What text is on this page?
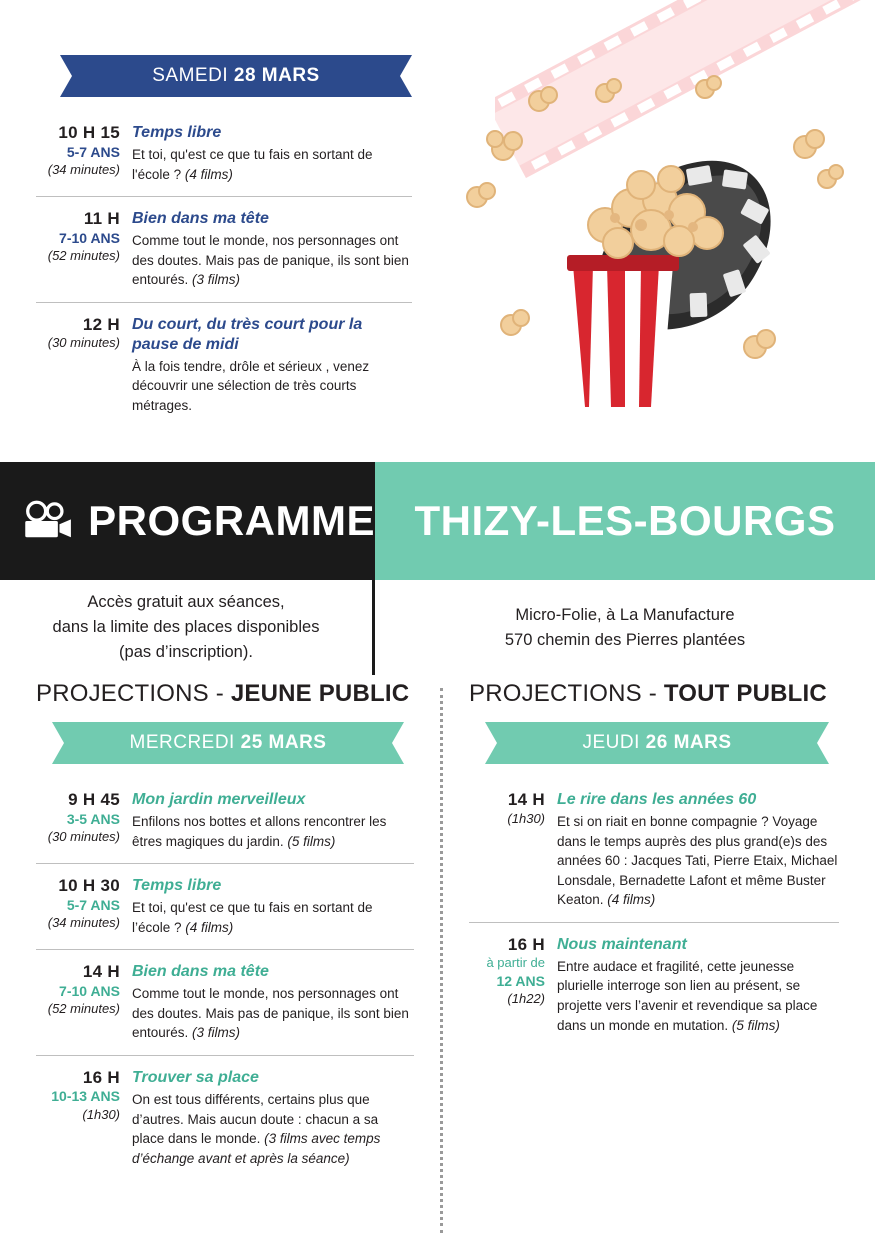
SAMEDI 28 MARS
10 H 15
5-7 ANS
(34 minutes)
Temps libre
Et toi, qu'est ce que tu fais en sortant de l'école ? (4 films)
11 H
7-10 ANS
(52 minutes)
Bien dans ma tête
Comme tout le monde, nos personnages ont des doutes. Mais pas de panique, ils sont bien entourés. (3 films)
12 H
(30 minutes)
Du court, du très court pour la pause de midi
À la fois tendre, drôle et sérieux , venez découvrir une sélection de très courts métrages.
PROGRAMME THIZY-LES-BOURGS
Accès gratuit aux séances,
dans la limite des places disponibles
(pas d’inscription).
Micro-Folie, à La Manufacture
570 chemin des Pierres plantées
PROJECTIONS - JEUNE PUBLIC
MERCREDI 25 MARS
9 H 45
3-5 ANS
(30 minutes)
Mon jardin merveilleux
Enfilons nos bottes et allons rencontrer les êtres magiques du jardin. (5 films)
10 H 30
5-7 ANS
(34 minutes)
Temps libre
Et toi, qu'est ce que tu fais en sortant de l’école ? (4 films)
14 H
7-10 ANS
(52 minutes)
Bien dans ma tête
Comme tout le monde, nos personnages ont des doutes. Mais pas de panique, ils sont bien entourés. (3 films)
16 H
10-13 ANS
(1h30)
Trouver sa place
On est tous différents, certains plus que d’autres. Mais aucun doute : chacun a sa place dans le monde. (3 films avec temps d’échange avant et après la séance)
PROJECTIONS - TOUT PUBLIC
JEUDI 26 MARS
14 H
(1h30)
Le rire dans les années 60
Et si on riait en bonne compagnie ? Voyage dans le temps auprès des plus grand(e)s des années 60 : Jacques Tati, Pierre Etaix, Michael Lonsdale, Bernadette Lafont et même Buster Keaton. (4 films)
16 H
à partir de
12 ANS
(1h22)
Nous maintenant
Entre audace et fragilité, cette jeunesse plurielle interroge son lien au présent, se projette vers l’avenir et revendique sa place dans un monde en mutation. (5 films)
